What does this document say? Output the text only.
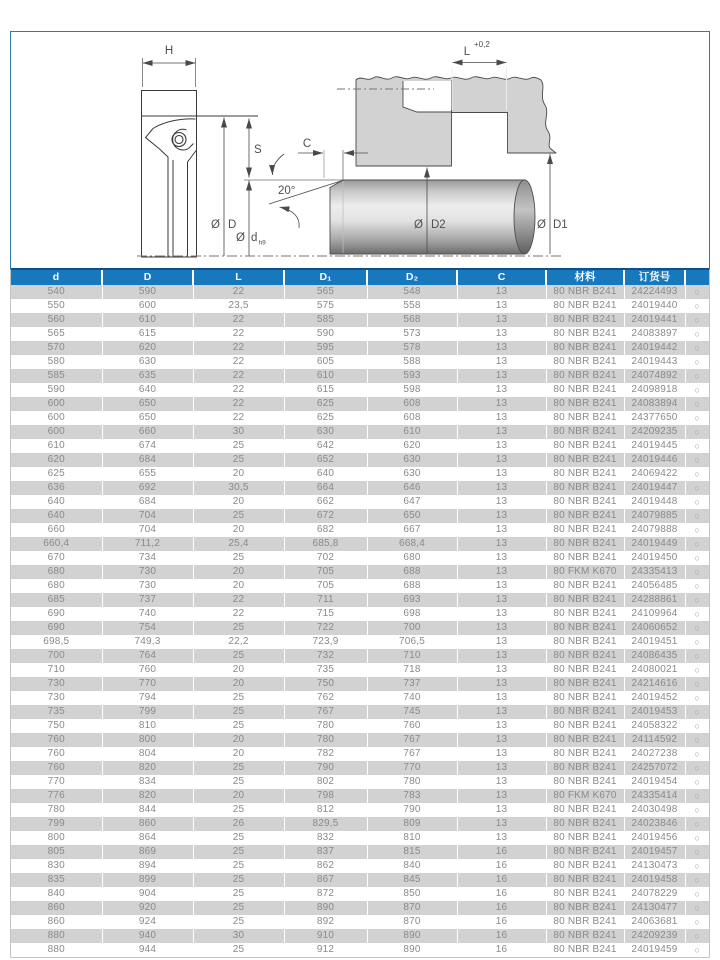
H	L
+0,2
S	C
20°
Ø D
Ø d h9
Ø D2	Ø D1
d	D	L	D₁	D₂	C	材料	订货号	
540	590	22	565	548	13	80 NBR B241	24224493	○
550	600	23,5	575	558	13	80 NBR B241	24019440	○
560	610	22	585	568	13	80 NBR B241	24019441	○
565	615	22	590	573	13	80 NBR B241	24083897	○
570	620	22	595	578	13	80 NBR B241	24019442	○
580	630	22	605	588	13	80 NBR B241	24019443	○
585	635	22	610	593	13	80 NBR B241	24074892	○
590	640	22	615	598	13	80 NBR B241	24098918	○
600	650	22	625	608	13	80 NBR B241	24083894	○
600	650	22	625	608	13	80 NBR B241	24377650	○
600	660	30	630	610	13	80 NBR B241	24209235	○
610	674	25	642	620	13	80 NBR B241	24019445	○
620	684	25	652	630	13	80 NBR B241	24019446	○
625	655	20	640	630	13	80 NBR B241	24069422	○
636	692	30,5	664	646	13	80 NBR B241	24019447	○
640	684	20	662	647	13	80 NBR B241	24019448	○
640	704	25	672	650	13	80 NBR B241	24079885	○
660	704	20	682	667	13	80 NBR B241	24079888	○
660,4	711,2	25,4	685,8	668,4	13	80 NBR B241	24019449	○
670	734	25	702	680	13	80 NBR B241	24019450	○
680	730	20	705	688	13	80 FKM K670	24335413	○
680	730	20	705	688	13	80 NBR B241	24056485	○
685	737	22	711	693	13	80 NBR B241	24288861	○
690	740	22	715	698	13	80 NBR B241	24109964	○
690	754	25	722	700	13	80 NBR B241	24060652	○
698,5	749,3	22,2	723,9	706,5	13	80 NBR B241	24019451	○
700	764	25	732	710	13	80 NBR B241	24086435	○
710	760	20	735	718	13	80 NBR B241	24080021	○
730	770	20	750	737	13	80 NBR B241	24214616	○
730	794	25	762	740	13	80 NBR B241	24019452	○
735	799	25	767	745	13	80 NBR B241	24019453	○
750	810	25	780	760	13	80 NBR B241	24058322	○
760	800	20	780	767	13	80 NBR B241	24114592	○
760	804	20	782	767	13	80 NBR B241	24027238	○
760	820	25	790	770	13	80 NBR B241	24257072	○
770	834	25	802	780	13	80 NBR B241	24019454	○
776	820	20	798	783	13	80 FKM K670	24335414	○
780	844	25	812	790	13	80 NBR B241	24030498	○
799	860	26	829,5	809	13	80 NBR B241	24023846	○
800	864	25	832	810	13	80 NBR B241	24019456	○
805	869	25	837	815	16	80 NBR B241	24019457	○
830	894	25	862	840	16	80 NBR B241	24130473	○
835	899	25	867	845	16	80 NBR B241	24019458	○
840	904	25	872	850	16	80 NBR B241	24078229	○
860	920	25	890	870	16	80 NBR B241	24130477	○
860	924	25	892	870	16	80 NBR B241	24063681	○
880	940	30	910	890	16	80 NBR B241	24209239	○
880	944	25	912	890	16	80 NBR B241	24019459	○
